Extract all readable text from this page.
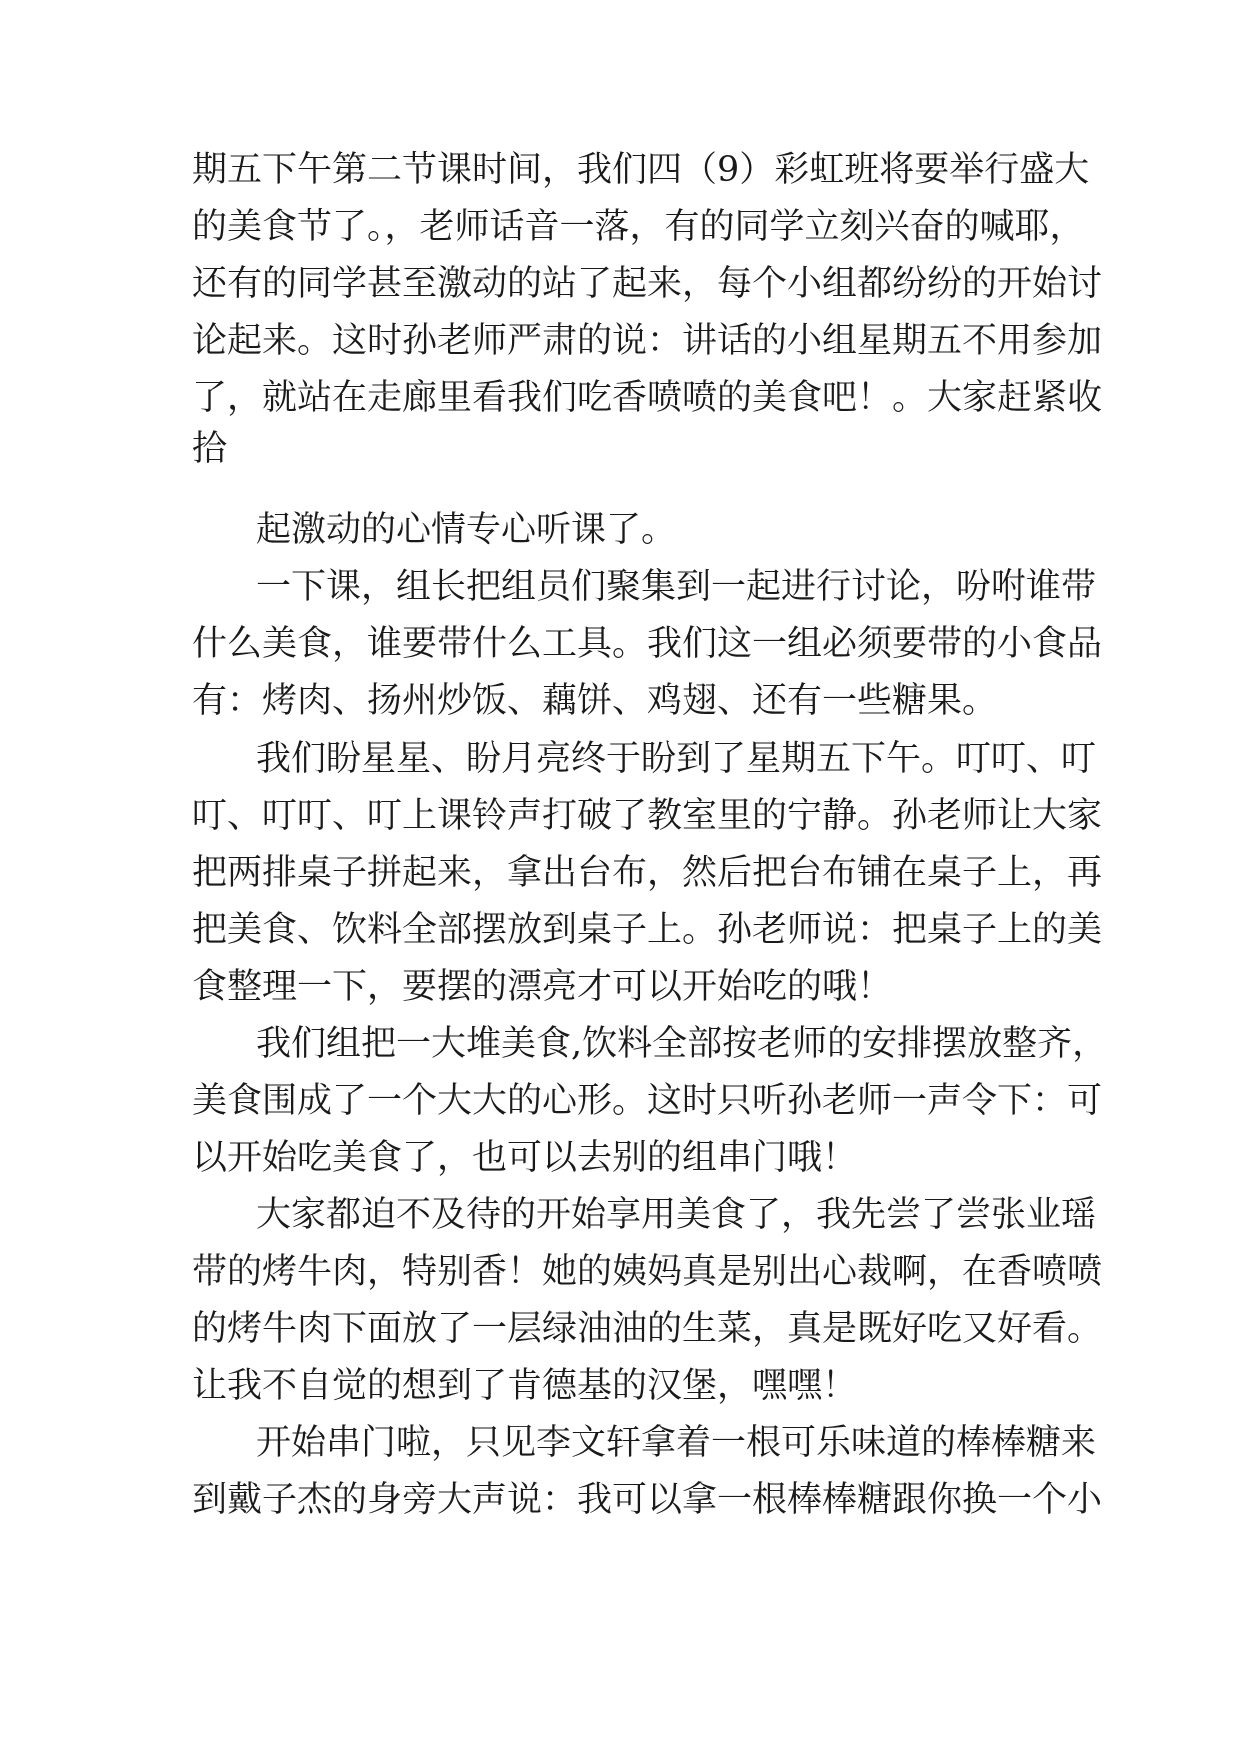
期五下午第二节课时间，我们四（9）彩虹班将要举行盛大
的美食节了。，老师话音一落，有的同学立刻兴奋的喊耶，
还有的同学甚至激动的站了起来，每个小组都纷纷的开始讨
论起来。这时孙老师严肃的说：讲话的小组星期五不用参加
了，就站在走廊里看我们吃香喷喷的美食吧！。大家赶紧收
拾
起激动的心情专心听课了。
一下课，组长把组员们聚集到一起进行讨论，吩咐谁带
什么美食，谁要带什么工具。我们这一组必须要带的小食品
有：烤肉、扬州炒饭、藕饼、鸡翅、还有一些糖果。
我们盼星星、盼月亮终于盼到了星期五下午。叮叮、叮
叮、叮叮、叮上课铃声打破了教室里的宁静。孙老师让大家
把两排桌子拼起来，拿出台布，然后把台布铺在桌子上，再
把美食、饮料全部摆放到桌子上。孙老师说：把桌子上的美
食整理一下，要摆的漂亮才可以开始吃的哦！
我们组把一大堆美食,饮料全部按老师的安排摆放整齐，
美食围成了一个大大的心形。这时只听孙老师一声令下：可
以开始吃美食了，也可以去别的组串门哦！
大家都迫不及待的开始享用美食了，我先尝了尝张业瑶
带的烤牛肉，特别香！她的姨妈真是别出心裁啊，在香喷喷
的烤牛肉下面放了一层绿油油的生菜，真是既好吃又好看。
让我不自觉的想到了肯德基的汉堡，嘿嘿！
开始串门啦，只见李文轩拿着一根可乐味道的棒棒糖来
到戴子杰的身旁大声说：我可以拿一根棒棒糖跟你换一个小
